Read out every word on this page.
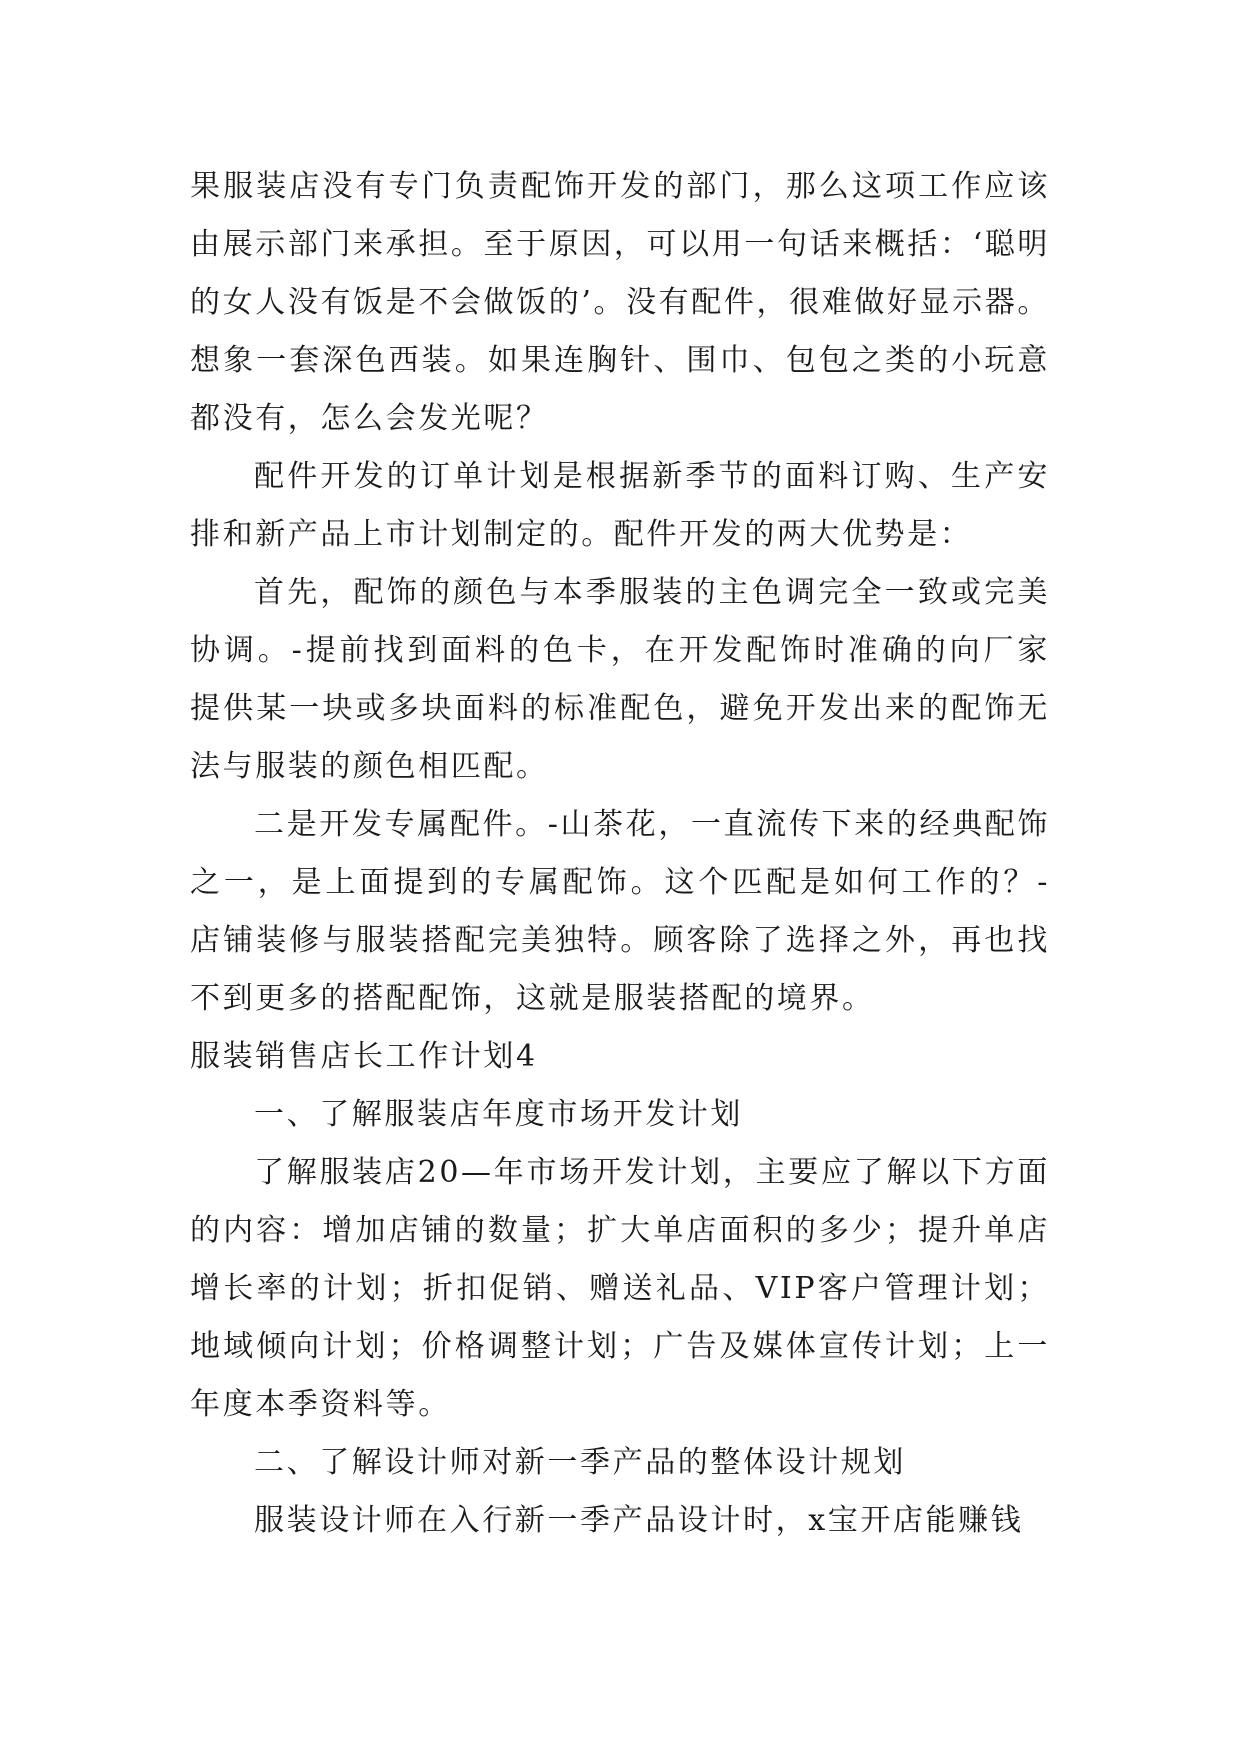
果服装店没有专门负责配饰开发的部门，那么这项工作应该由展示部门来承担。至于原因，可以用一句话来概括：‘聪明的女人没有饭是不会做饭的’。没有配件，很难做好显示器。想象一套深色西装。如果连胸针、围巾、包包之类的小玩意都没有，怎么会发光呢？

配件开发的订单计划是根据新季节的面料订购、生产安排和新产品上市计划制定的。配件开发的两大优势是：

首先，配饰的颜色与本季服装的主色调完全一致或完美协调。-提前找到面料的色卡，在开发配饰时准确的向厂家提供某一块或多块面料的标准配色，避免开发出来的配饰无法与服装的颜色相匹配。

二是开发专属配件。-山茶花，一直流传下来的经典配饰之一，是上面提到的专属配饰。这个匹配是如何工作的？-店铺装修与服装搭配完美独特。顾客除了选择之外，再也找不到更多的搭配配饰，这就是服装搭配的境界。

服装销售店长工作计划4

一、了解服装店年度市场开发计划

了解服装店20—年市场开发计划，主要应了解以下方面的内容：增加店铺的数量；扩大单店面积的多少；提升单店增长率的计划；折扣促销、赠送礼品、VIP客户管理计划；地域倾向计划；价格调整计划；广告及媒体宣传计划；上一年度本季资料等。

二、了解设计师对新一季产品的整体设计规划

服装设计师在入行新一季产品设计时，x宝开店能赚钱
